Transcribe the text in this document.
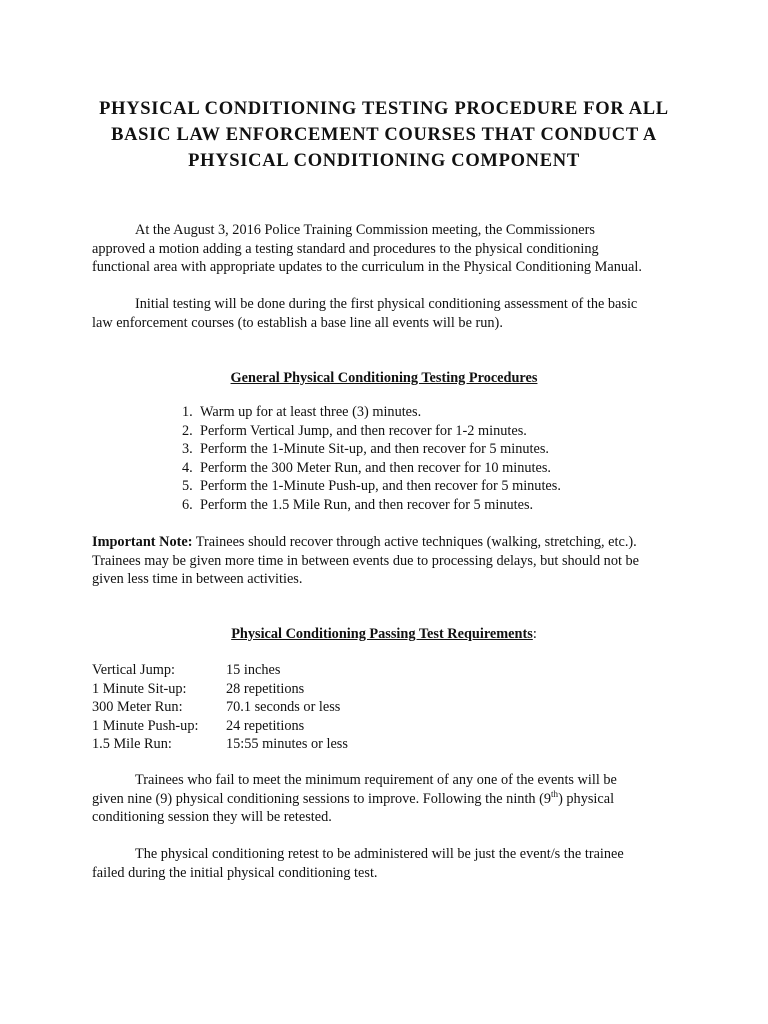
PHYSICAL CONDITIONING TESTING PROCEDURE FOR ALL
BASIC LAW ENFORCEMENT COURSES THAT CONDUCT A
PHYSICAL CONDITIONING COMPONENT
At the August 3, 2016 Police Training Commission meeting, the Commissioners
approved a motion adding a testing standard and procedures to the physical conditioning
functional area with appropriate updates to the curriculum in the Physical Conditioning Manual.
Initial testing will be done during the first physical conditioning assessment of the basic
law enforcement courses (to establish a base line all events will be run).
General Physical Conditioning Testing Procedures
1. Warm up for at least three (3) minutes.
2. Perform Vertical Jump, and then recover for 1-2 minutes.
3. Perform the 1-Minute Sit-up, and then recover for 5 minutes.
4. Perform the 300 Meter Run, and then recover for 10 minutes.
5. Perform the 1-Minute Push-up, and then recover for 5 minutes.
6. Perform the 1.5 Mile Run, and then recover for 5 minutes.
Important Note: Trainees should recover through active techniques (walking, stretching, etc.).
Trainees may be given more time in between events due to processing delays, but should not be
given less time in between activities.
Physical Conditioning Passing Test Requirements:
Vertical Jump:	15 inches
1 Minute Sit-up:	28 repetitions
300 Meter Run:	70.1 seconds or less
1 Minute Push-up: 24 repetitions
1.5 Mile Run:	15:55 minutes or less
Trainees who fail to meet the minimum requirement of any one of the events will be
given nine (9) physical conditioning sessions to improve. Following the ninth (9th) physical
conditioning session they will be retested.
The physical conditioning retest to be administered will be just the event/s the trainee
failed during the initial physical conditioning test.
